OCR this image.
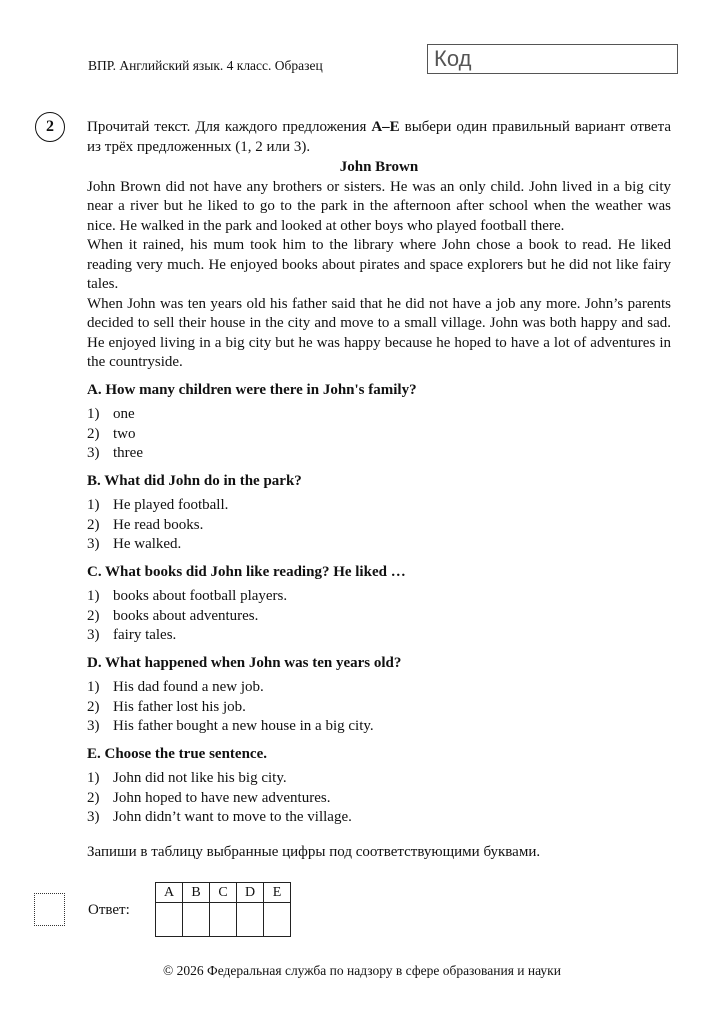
ВПР. Английский язык. 4 класс. Образец	Код
2	Прочитай текст. Для каждого предложения A–E выбери один правильный вариант ответа из трёх предложенных (1, 2 или 3).

John Brown

John Brown did not have any brothers or sisters. He was an only child. John lived in a big city near a river but he liked to go to the park in the afternoon after school when the weather was nice. He walked in the park and looked at other boys who played football there.

When it rained, his mum took him to the library where John chose a book to read. He liked reading very much. He enjoyed books about pirates and space explorers but he did not like fairy tales.

When John was ten years old his father said that he did not have a job any more. John’s parents decided to sell their house in the city and move to a small village. John was both happy and sad. He enjoyed living in a big city but he was happy because he hoped to have a lot of adventures in the countryside.

A. How many children were there in John's family?

1) one
2) two
3) three

B. What did John do in the park?

1) He played football.
2) He read books.
3) He walked.

C. What books did John like reading? He liked …

1) books about football players.
2) books about adventures.
3) fairy tales.

D. What happened when John was ten years old?

1) His dad found a new job.
2) His father lost his job.
3) His father bought a new house in a big city.

E. Choose the true sentence.

1) John did not like his big city.
2) John hoped to have new adventures.
3) John didn’t want to move to the village.

Запиши в таблицу выбранные цифры под соответствующими буквами.

Ответ:
A	B	C	D	E

© 2026 Федеральная служба по надзору в сфере образования и науки
